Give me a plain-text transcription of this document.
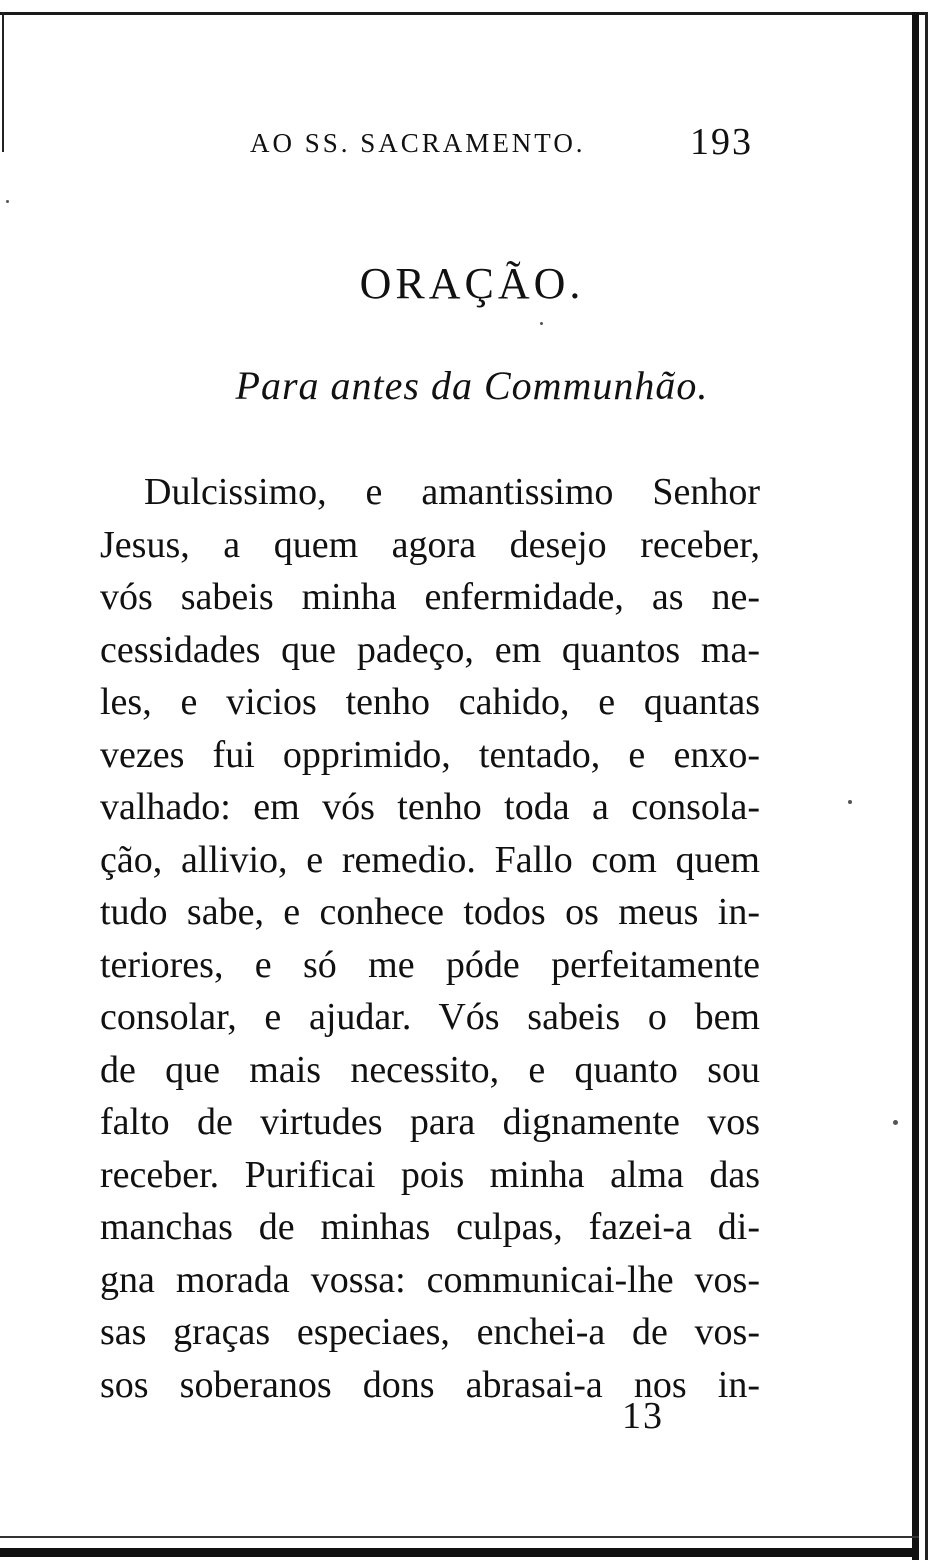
AO SS. SACRAMENTO.	193
ORAÇÃO.
Para antes da Communhão.
Dulcissimo, e amantissimo Senhor
Jesus, a quem agora desejo receber,
vós sabeis minha enfermidade, as ne-
cessidades que padeço, em quantos ma-
les, e vicios tenho cahido, e quantas
vezes fui opprimido, tentado, e enxo-
valhado: em vós tenho toda a consola-
ção, allivio, e remedio. Fallo com quem
tudo sabe, e conhece todos os meus in-
teriores, e só me póde perfeitamente
consolar, e ajudar. Vós sabeis o bem
de que mais necessito, e quanto sou
falto de virtudes para dignamente vos
receber. Purificai pois minha alma das
manchas de minhas culpas, fazei-a di-
gna morada vossa: communicai-lhe vos-
sas graças especiaes, enchei-a de vos-
sos soberanos dons abrasai-a nos in-
13
